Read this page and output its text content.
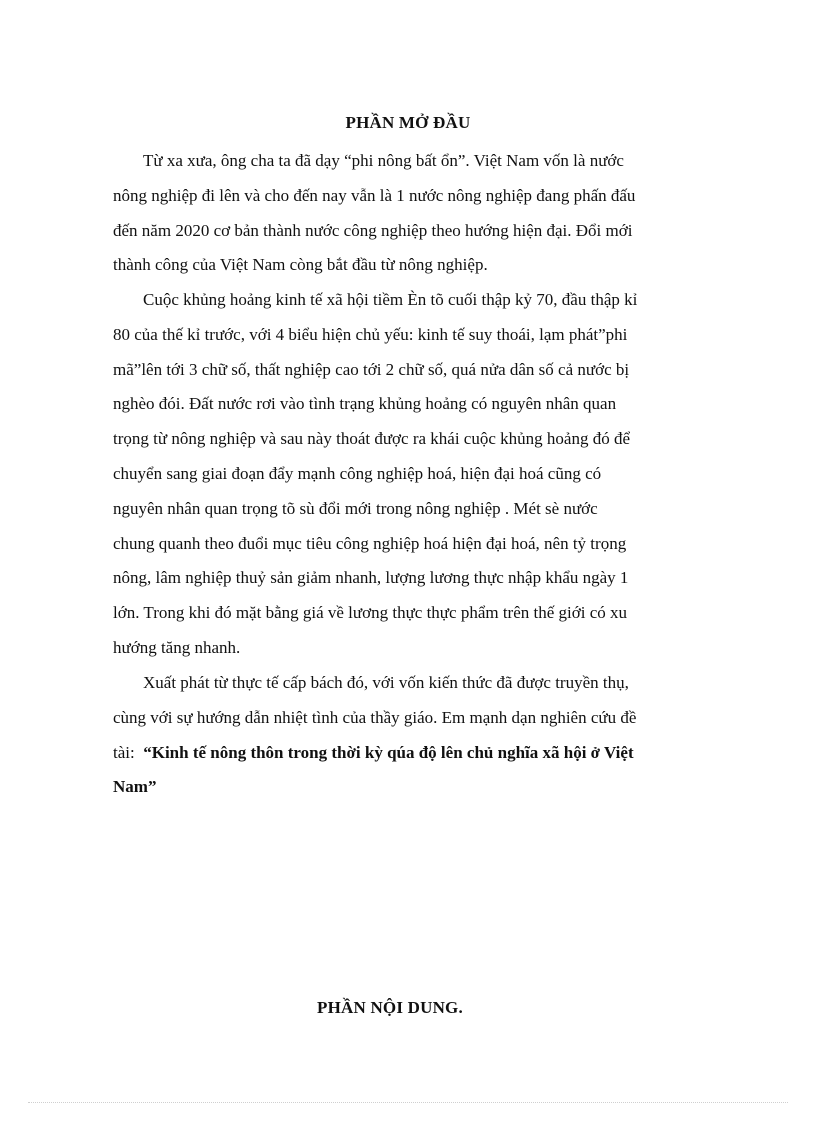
PHẦN MỞ ĐẦU

Từ xa xưa, ông cha ta đã dạy “phi nông bất ổn”. Việt Nam vốn là nước
nông nghiệp đi lên và cho đến nay vẫn là 1 nước nông nghiệp đang phấn đấu
đến năm 2020 cơ bản thành nước công nghiệp theo hướng hiện đại. Đổi mới
thành công của Việt Nam còng bắt đầu từ nông nghiệp.

Cuộc khủng hoảng kinh tế xã hội tiềm Èn tõ cuối thập kỷ 70, đầu thập kỉ
80 của thế kỉ trước, với 4 biểu hiện chủ yếu: kinh tế suy thoái, lạm phát”phi
mã”lên tới 3 chữ số, thất nghiệp cao tới 2 chữ số, quá nửa dân số cả nước bị
nghèo đói. Đất nước rơi vào tình trạng khủng hoảng có nguyên nhân quan
trọng từ nông nghiệp và sau này thoát được ra khái cuộc khủng hoảng đó để
chuyển sang giai đoạn đẩy mạnh công nghiệp hoá, hiện đại hoá cũng có
nguyên nhân quan trọng tõ sù đổi mới trong nông nghiệp . Mét sè nước
chung quanh theo đuổi mục tiêu công nghiệp hoá hiện đại hoá, nên tỷ trọng
nông, lâm nghiệp thuỷ sản giảm nhanh, lượng lương thực nhập khẩu ngày 1
lớn. Trong khi đó mặt bằng giá về lương thực thực phẩm trên thế giới có xu
hướng tăng nhanh.

Xuất phát từ thực tế cấp bách đó, với vốn kiến thức đã được truyền thụ,
cùng với sự hướng dẫn nhiệt tình của thầy giáo. Em mạnh dạn nghiên cứu đề
tài:  “Kinh tế nông thôn trong thời kỳ qúa độ lên chủ nghĩa xã hội ở Việt
Nam”

PHẦN NỘI DUNG.
